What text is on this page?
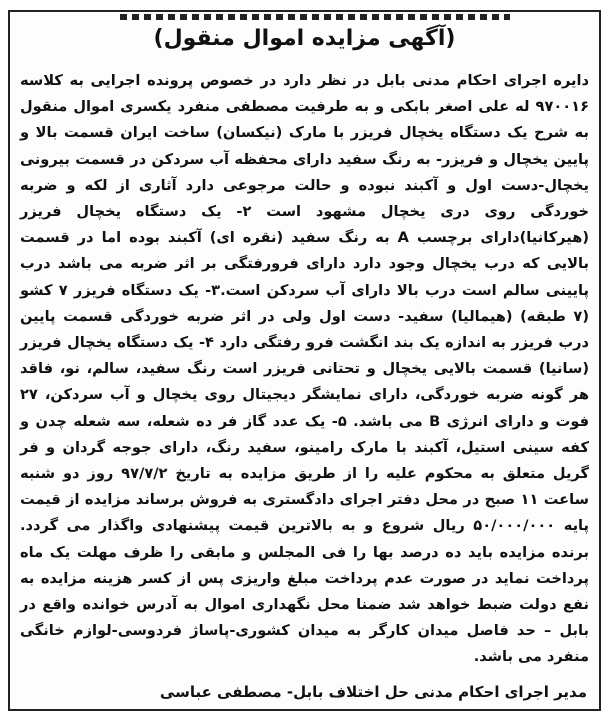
(آگهی مزایده اموال منقول)
دایره اجرای احکام مدنی بابل در نظر دارد در خصوص پرونده اجرایی به کلاسه ۹۷۰۰۱۶ له علی اصغر بابکی و به طرفیت مصطفی منفرد یکسری اموال منقول به شرح یک دستگاه یخچال فریزر با مارک (نیکسان) ساخت ایران قسمت بالا و پایین یخچال و فریزر- به رنگ سفید دارای محفظه آب سردکن در قسمت بیرونی یخچال-دست اول و آکبند نبوده و حالت مرجوعی دارد آثاری از لکه و ضربه خوردگی روی دری یخچال مشهود است ۲- یک دستگاه یخچال فریزر (هیرکانیا)دارای برچسب A به رنگ سفید (نقره ای) آکبند بوده اما در قسمت بالایی که درب یخچال وجود دارد دارای فرورفتگی بر اثر ضربه می باشد درب پایینی سالم است درب بالا دارای آب سردکن است.۳- یک دستگاه فریزر ۷ کشو (۷ طبقه) (هیمالیا) سفید- دست اول ولی در اثر ضربه خوردگی قسمت پایین درب فریزر به اندازه یک بند انگشت فرو رفتگی دارد ۴- یک دستگاه یخچال فریزر (سانیا) قسمت بالایی یخچال و تحتانی فریزر است رنگ سفید، سالم، نو، فاقد هر گونه ضربه خوردگی، دارای نمایشگر دیجیتال روی یخچال و آب سردکن، ۲۷ فوت و دارای انرژی B می باشد. ۵- یک عدد گاز فر ده شعله، سه شعله چدن و کفه سینی استیل، آکبند با مارک رامینو، سفید رنگ، دارای جوجه گردان و فر گریل متعلق به محکوم علیه را از طریق مزایده به تاریخ ۹۷/۷/۲ روز دو شنبه ساعت ۱۱ صبح در محل دفتر اجرای دادگستری به فروش برساند مزایده از قیمت پایه ۵۰/۰۰۰/۰۰۰ ریال شروع و به بالاترین قیمت پیشنهادی واگذار می گردد. برنده مزایده باید ده درصد بها را فی المجلس و مابقی را ظرف مهلت یک ماه پرداخت نماید در صورت عدم پرداخت مبلغ واریزی پس از کسر هزینه مزایده به نفع دولت ضبط خواهد شد ضمنا محل نگهداری اموال به آدرس خوانده واقع در بابل – حد فاصل میدان کارگر به میدان کشوری-پاساژ فردوسی-لوازم خانگی منفرد می باشد.
مدیر اجرای احکام مدنی حل اختلاف بابل- مصطفی عباسی
